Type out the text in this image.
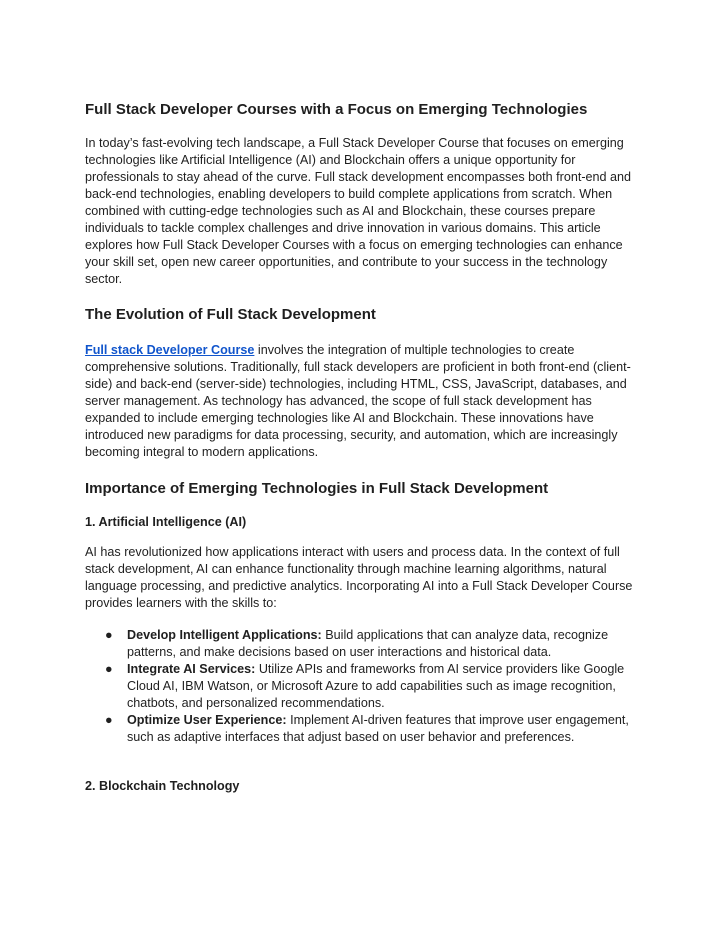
Full Stack Developer Courses with a Focus on Emerging Technologies

In today’s fast-evolving tech landscape, a Full Stack Developer Course that focuses on emerging technologies like Artificial Intelligence (AI) and Blockchain offers a unique opportunity for professionals to stay ahead of the curve. Full stack development encompasses both front-end and back-end technologies, enabling developers to build complete applications from scratch. When combined with cutting-edge technologies such as AI and Blockchain, these courses prepare individuals to tackle complex challenges and drive innovation in various domains. This article explores how Full Stack Developer Courses with a focus on emerging technologies can enhance your skill set, open new career opportunities, and contribute to your success in the technology sector.

The Evolution of Full Stack Development

Full stack Developer Course involves the integration of multiple technologies to create comprehensive solutions. Traditionally, full stack developers are proficient in both front-end (client-side) and back-end (server-side) technologies, including HTML, CSS, JavaScript, databases, and server management. As technology has advanced, the scope of full stack development has expanded to include emerging technologies like AI and Blockchain. These innovations have introduced new paradigms for data processing, security, and automation, which are increasingly becoming integral to modern applications.

Importance of Emerging Technologies in Full Stack Development
1. Artificial Intelligence (AI)

AI has revolutionized how applications interact with users and process data. In the context of full stack development, AI can enhance functionality through machine learning algorithms, natural language processing, and predictive analytics. Incorporating AI into a Full Stack Developer Course provides learners with the skills to:

● Develop Intelligent Applications: Build applications that can analyze data, recognize patterns, and make decisions based on user interactions and historical data.
● Integrate AI Services: Utilize APIs and frameworks from AI service providers like Google Cloud AI, IBM Watson, or Microsoft Azure to add capabilities such as image recognition, chatbots, and personalized recommendations.
● Optimize User Experience: Implement AI-driven features that improve user engagement, such as adaptive interfaces that adjust based on user behavior and preferences.
2. Blockchain Technology
